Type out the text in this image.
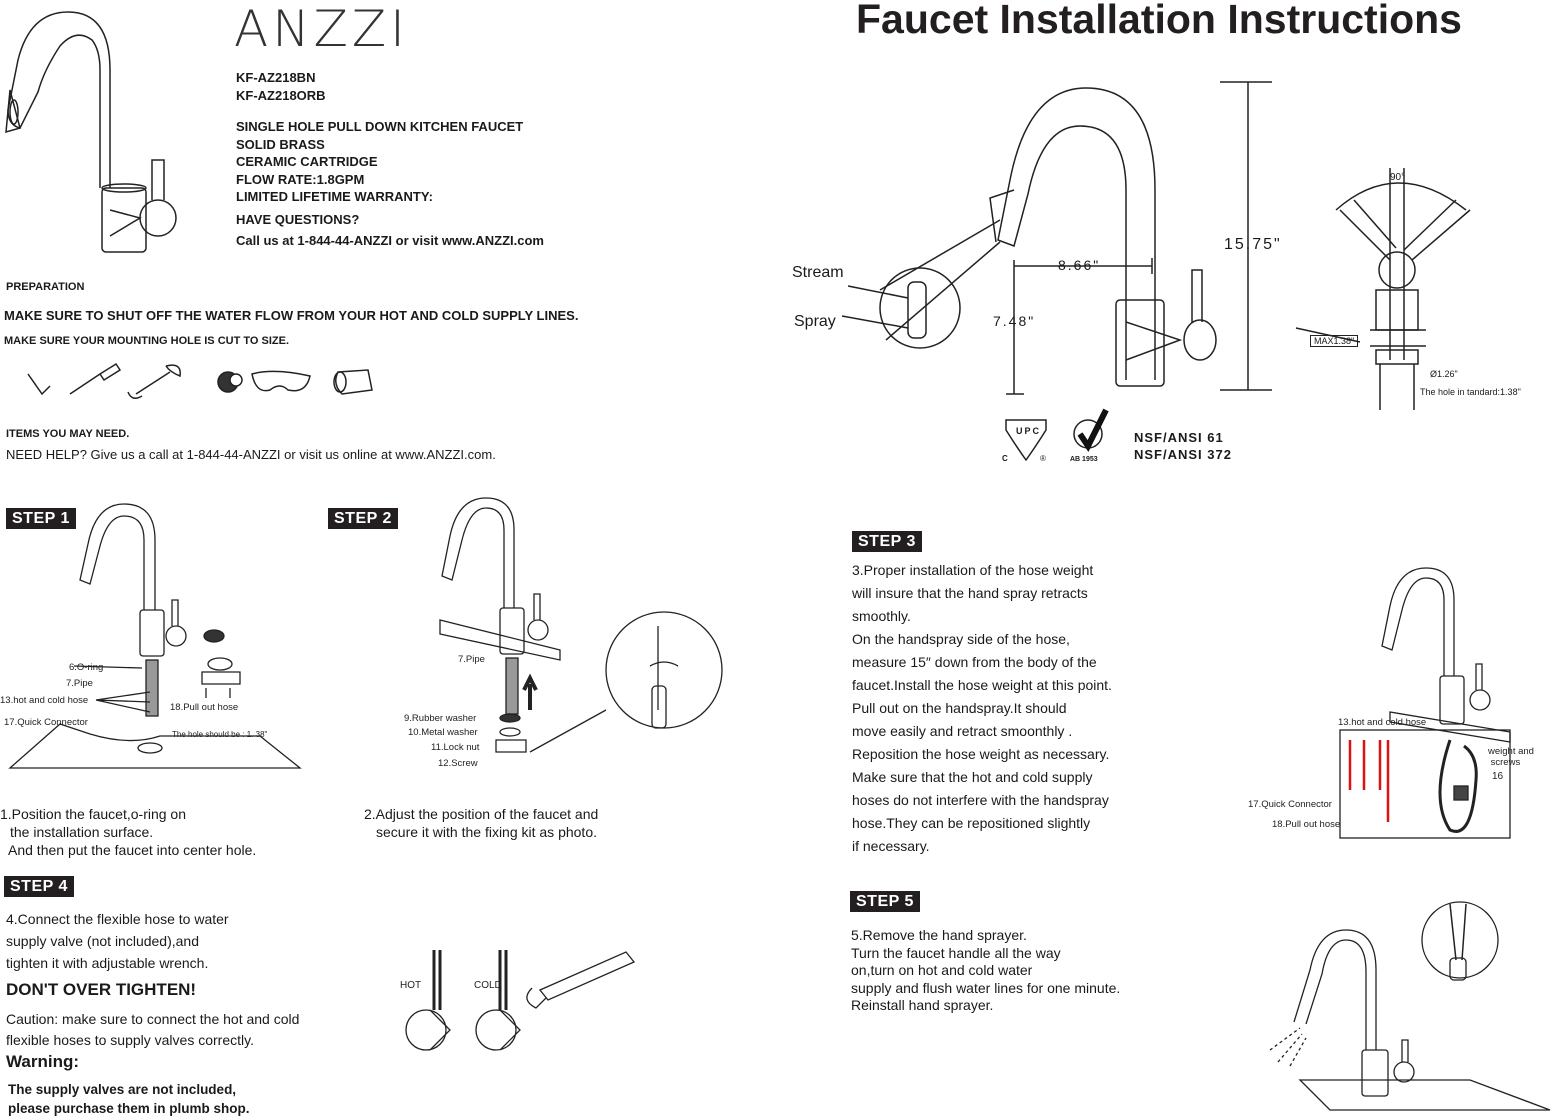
ANZZI	Faucet Installation Instructions
KF-AZ218BN
KF-AZ218ORB
SINGLE HOLE PULL DOWN KITCHEN FAUCET
SOLID BRASS
CERAMIC CARTRIDGE
FLOW RATE:1.8GPM
LIMITED LIFETIME WARRANTY:
HAVE QUESTIONS?
Call us at 1-844-44-ANZZI or visit www.ANZZI.com
PREPARATION
MAKE SURE TO SHUT OFF THE WATER FLOW FROM YOUR HOT AND COLD SUPPLY LINES.
MAKE SURE YOUR MOUNTING HOLE IS CUT TO SIZE.
ITEMS YOU MAY NEED.
NEED HELP? Give us a call at 1-844-44-ANZZI or visit us online at www.ANZZI.com.
Stream
Spray
8.66"
7.48"
15.75"
90°
MAX1.38"
Ø1.26"
The hole in tandard:1.38"
UPC
C	®	AB 1953
NSF/ANSI 61
NSF/ANSI 372
STEP 1
6.O-ring
7.Pipe
13.hot and cold hose
17.Quick Connector
18.Pull out hose
The hole should be : 1. 38"
1.Position the faucet,o-ring on
the installation surface.
And then put the faucet into center hole.
STEP 2
7.Pipe
9.Rubber washer
10.Metal washer
11.Lock nut
12.Screw
2.Adjust the position of the faucet and
secure it with the fixing kit as photo.
STEP 3
3.Proper installation of the hose weight
will insure that the hand spray retracts
smoothly.
On the handspray side of the hose,
measure 15″ down from the body of the
faucet.Install the hose weight at this point.
Pull out on the handspray.It should
move easily and retract smoonthly .
Reposition the hose weight as necessary.
Make sure that the hot and cold supply
hoses do not interfere with the handspray
hose.They can be repositioned slightly
if necessary.
13.hot and cold hose
weight and
screws
16
17.Quick Connector
18.Pull out hose
STEP 4
4.Connect the flexible hose to water
supply valve (not included),and
tighten it with adjustable wrench.
DON'T OVER TIGHTEN!
Caution: make sure to connect the hot and cold
flexible hoses to supply valves correctly.
Warning:
The supply valves are not included,
please purchase them in plumb shop.
HOT	COLD
STEP 5
5.Remove the hand sprayer.
Turn the faucet handle all the way
on,turn on hot and cold water
supply and flush water lines for one minute.
Reinstall hand sprayer.
